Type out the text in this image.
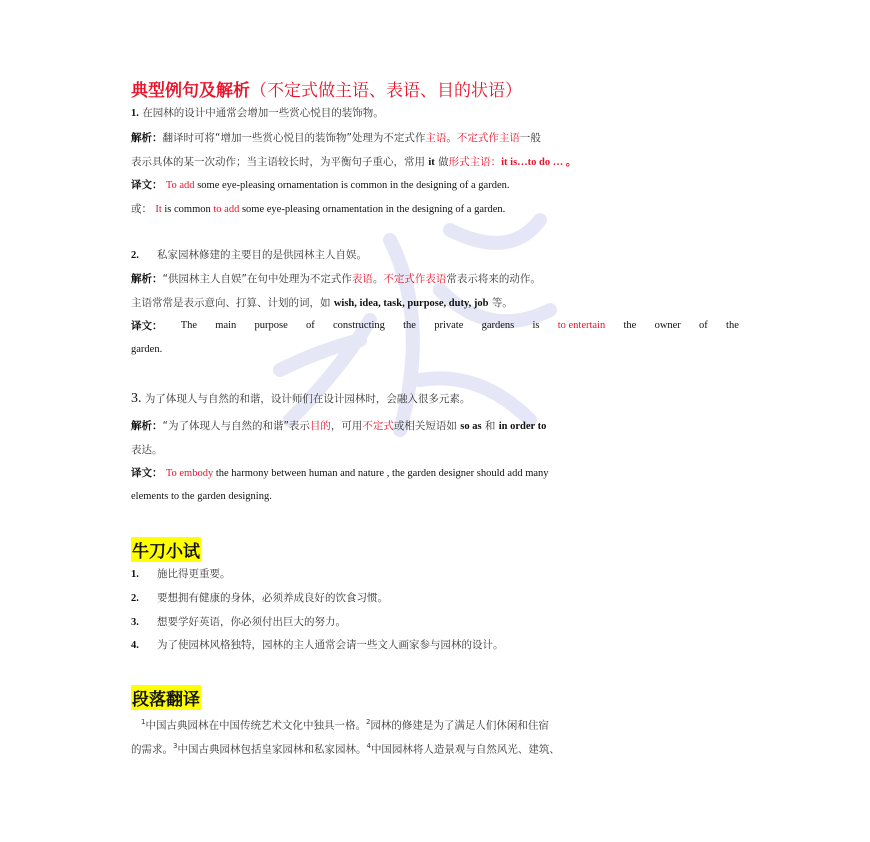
典型例句及解析（不定式做主语、表语、目的状语）
1. 在园林的设计中通常会增加一些赏心悦目的装饰物。
解析：翻译时可将“增加一些赏心悦目的装饰物”处理为不定式作主语。不定式作主语一般
表示具体的某一次动作；当主语较长时，为平衡句子重心，常用 it 做形式主语：it is…to do … 。
译文： To add some eye-pleasing ornamentation is common in the designing of a garden.
或： It is common to add some eye-pleasing ornamentation in the designing of a garden.
2. 私家园林修建的主要目的是供园林主人自娱。
解析：“供园林主人自娱”在句中处理为不定式作表语。不定式作表语常表示将来的动作。
主语常常是表示意向、打算、计划的词，如 wish, idea, task, purpose, duty, job 等。
译文： The main purpose of constructing the private gardens is to entertain the owner of the
garden.
3. 为了体现人与自然的和谐，设计师们在设计园林时，会融入很多元素。
解析：“为了体现人与自然的和谐”表示目的，可用不定式或相关短语如 so as 和 in order to
表达。
译文： To embody the harmony between human and nature , the garden designer should add many
elements to the garden designing.
牛刀小试
1. 施比得更重要。
2. 要想拥有健康的身体，必须养成良好的饮食习惯。
3. 想要学好英语，你必须付出巨大的努力。
4. 为了使园林风格独特，园林的主人通常会请一些文人画家参与园林的设计。
段落翻译
$^1$中国古典园林在中国传统艺术文化中独具一格。$^2$园林的修建是为了满足人们休闲和住宿
的需求。$^3$中国古典园林包括皇家园林和私家园林。$^4$中国园林将人造景观与自然风光、建筑、
